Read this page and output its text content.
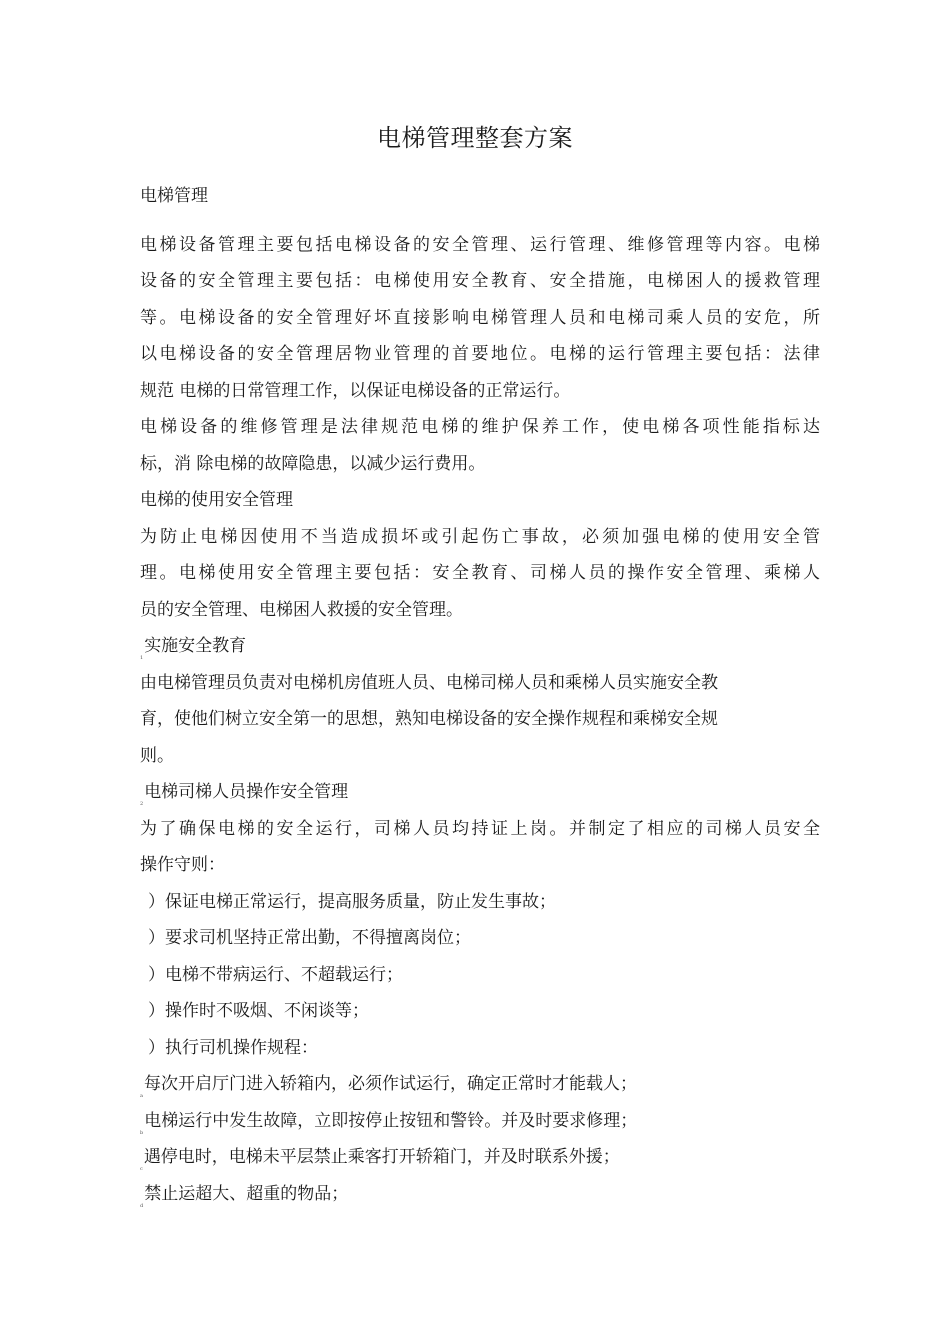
电梯管理整套方案
电梯管理
电梯设备管理主要包括电梯设备的安全管理、运行管理、维修管理等内容。电梯
设备的安全管理主要包括：电梯使用安全教育、安全措施，电梯困人的援救管理
等。电梯设备的安全管理好坏直接影响电梯管理人员和电梯司乘人员的安危，所
以电梯设备的安全管理居物业管理的首要地位。电梯的运行管理主要包括：法律
规范 电梯的日常管理工作，以保证电梯设备的正常运行。
电梯设备的维修管理是法律规范电梯的维护保养工作，使电梯各项性能指标达
标，消 除电梯的故障隐患，以减少运行费用。
电梯的使用安全管理
为防止电梯因使用不当造成损坏或引起伤亡事故，必须加强电梯的使用安全管
理。电梯使用安全管理主要包括：安全教育、司梯人员的操作安全管理、乘梯人
员的安全管理、电梯困人救援的安全管理。
$_1$实施安全教育
由电梯管理员负责对电梯机房值班人员、电梯司梯人员和乘梯人员实施安全教
育，使他们树立安全第一的思想，熟知电梯设备的安全操作规程和乘梯安全规
则。
$_2$电梯司梯人员操作安全管理
为了确保电梯的安全运行，司梯人员均持证上岗。并制定了相应的司梯人员安全
操作守则：
）保证电梯正常运行，提高服务质量，防止发生事故；
）要求司机坚持正常出勤，不得擅离岗位；
）电梯不带病运行、不超载运行；
）操作时不吸烟、不闲谈等；
）执行司机操作规程：
$_a$每次开启厅门进入轿箱内，必须作试运行，确定正常时才能载人；
$_b$电梯运行中发生故障，立即按停止按钮和警铃。并及时要求修理；
$_c$遇停电时，电梯未平层禁止乘客打开轿箱门，并及时联系外援；
$_d$禁止运超大、超重的物品；
